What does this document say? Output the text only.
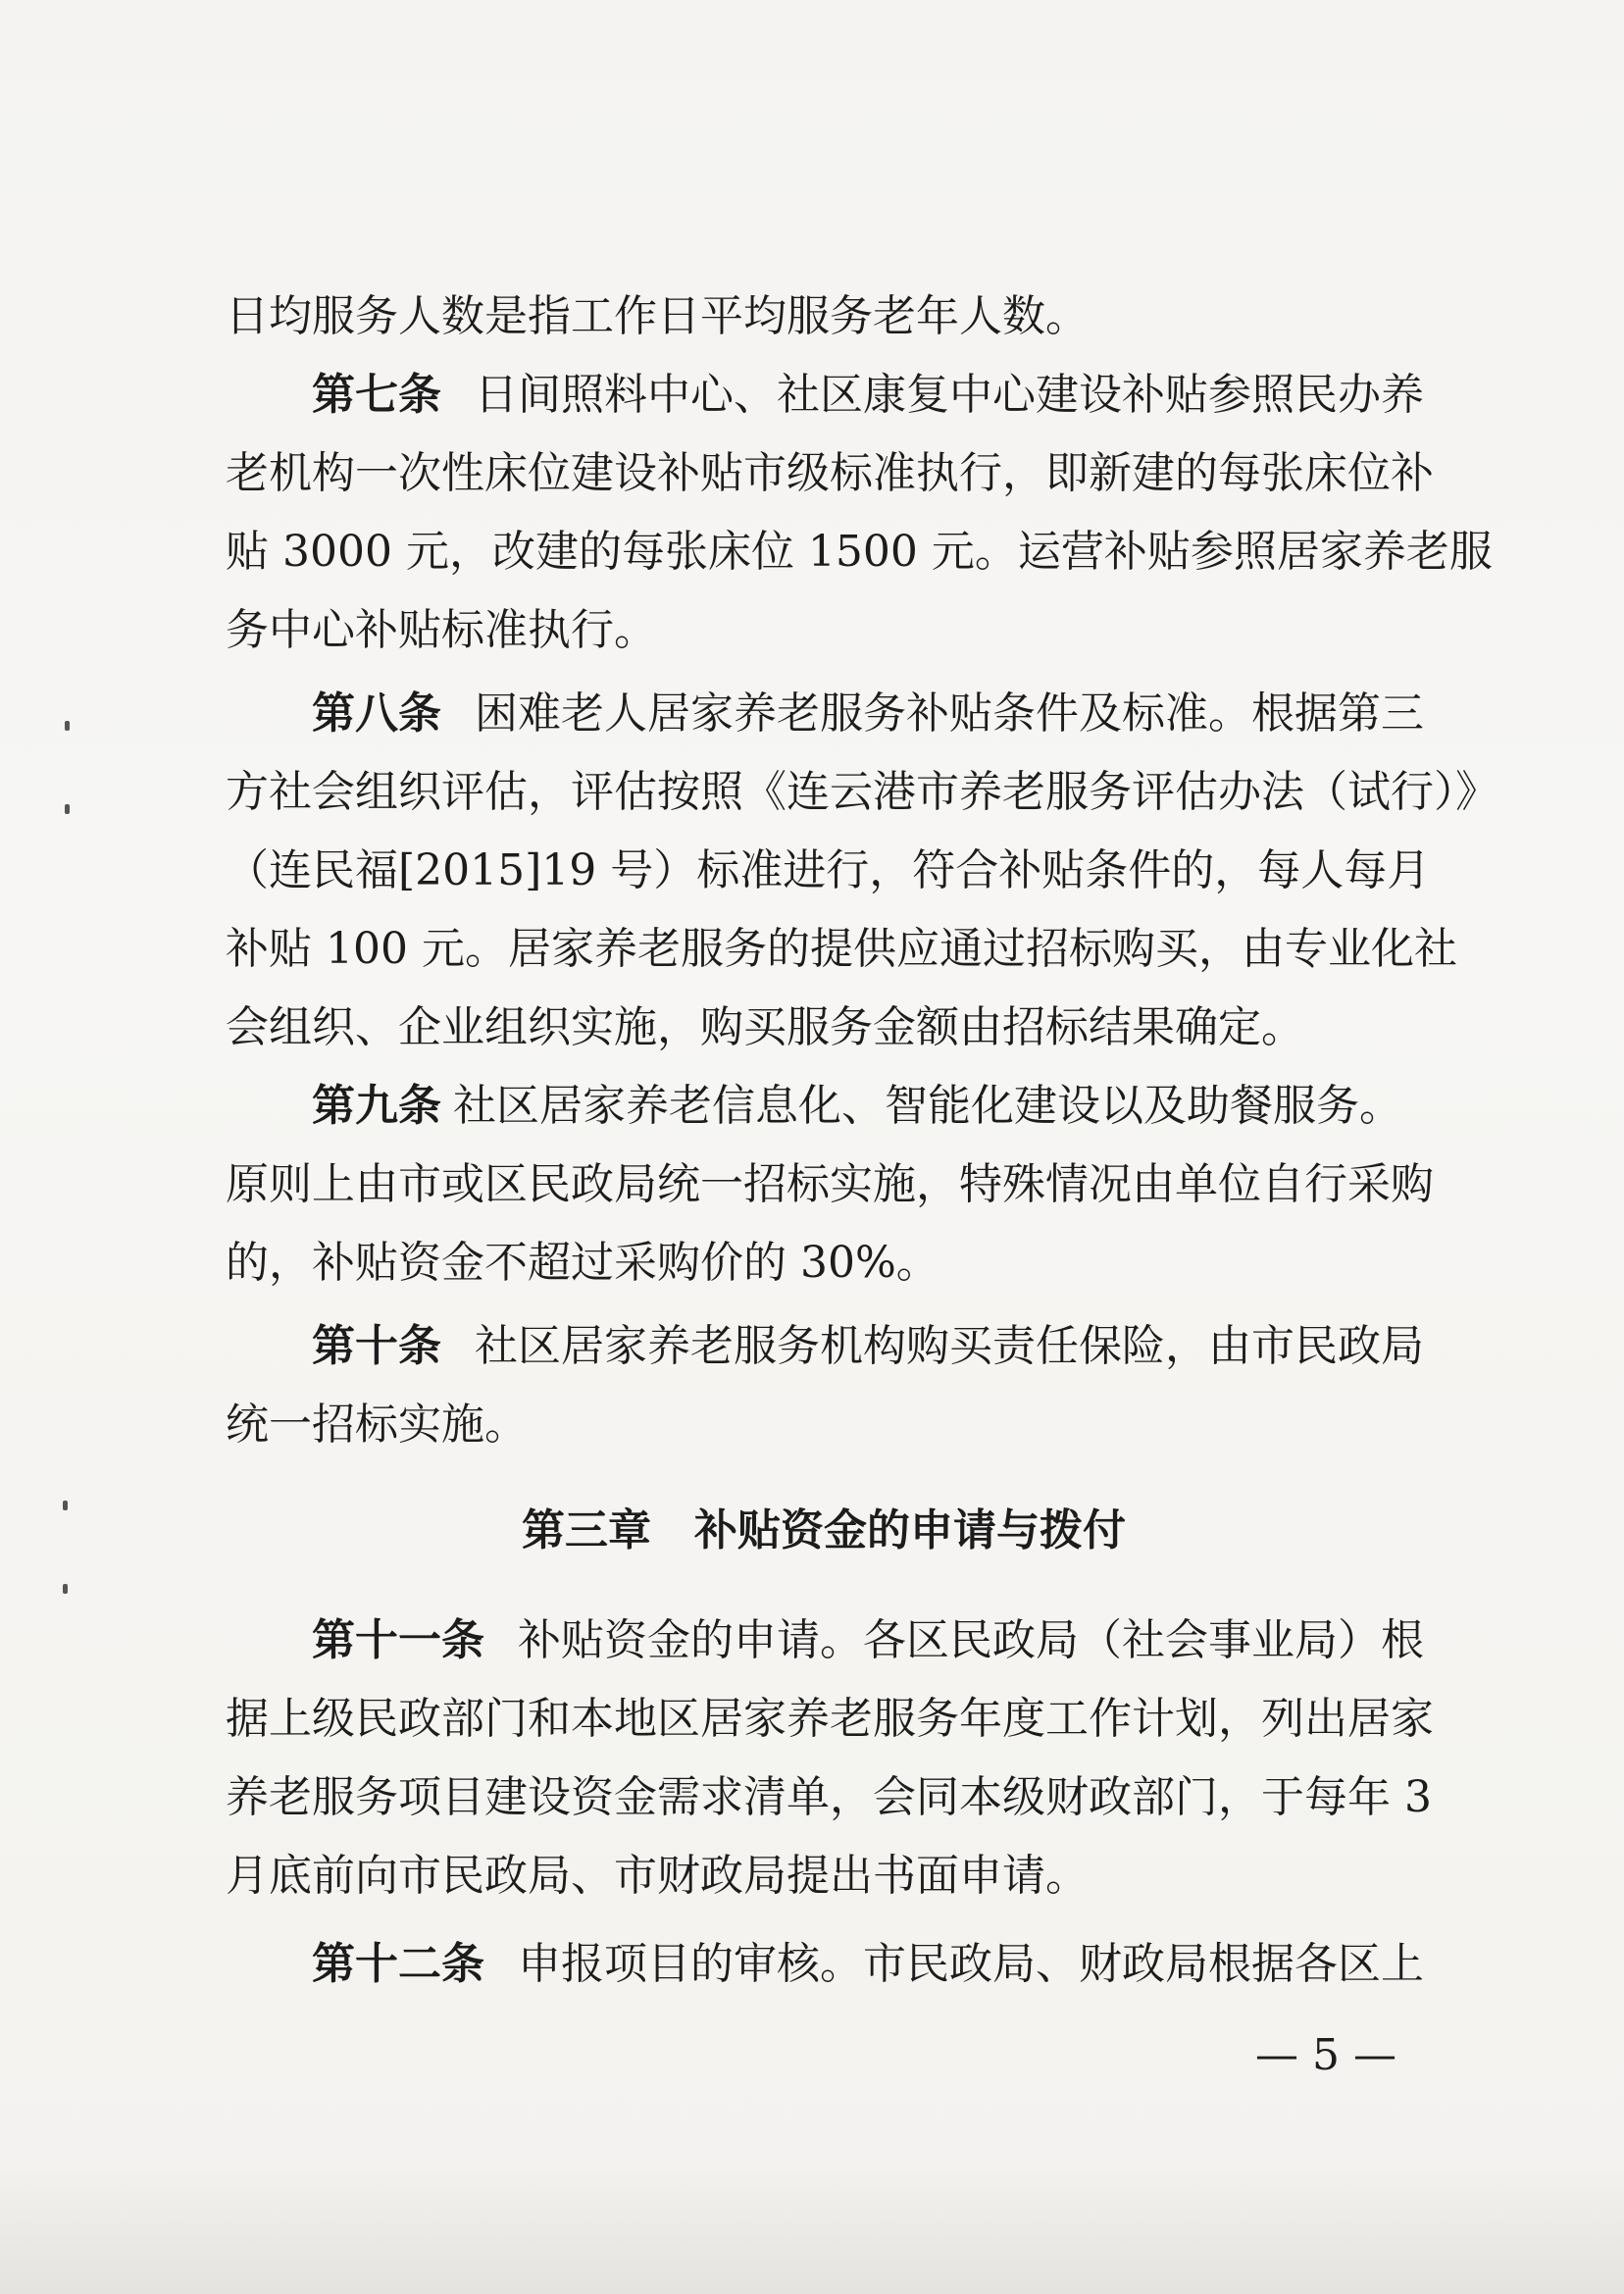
日均服务人数是指工作日平均服务老年人数。
第七条 日间照料中心、社区康复中心建设补贴参照民办养
老机构一次性床位建设补贴市级标准执行，即新建的每张床位补
贴 3000 元，改建的每张床位 1500 元。运营补贴参照居家养老服
务中心补贴标准执行。
第八条 困难老人居家养老服务补贴条件及标准。根据第三
方社会组织评估，评估按照《连云港市养老服务评估办法（试行）》
（连民福[2015]19 号）标准进行，符合补贴条件的，每人每月
补贴 100 元。居家养老服务的提供应通过招标购买，由专业化社
会组织、企业组织实施，购买服务金额由招标结果确定。
第九条 社区居家养老信息化、智能化建设以及助餐服务。
原则上由市或区民政局统一招标实施，特殊情况由单位自行采购
的，补贴资金不超过采购价的 30%。
第十条 社区居家养老服务机构购买责任保险，由市民政局
统一招标实施。
第三章　补贴资金的申请与拨付
第十一条 补贴资金的申请。各区民政局（社会事业局）根
据上级民政部门和本地区居家养老服务年度工作计划，列出居家
养老服务项目建设资金需求清单，会同本级财政部门，于每年 3
月底前向市民政局、市财政局提出书面申请。
第十二条 申报项目的审核。市民政局、财政局根据各区上
— 5 —
